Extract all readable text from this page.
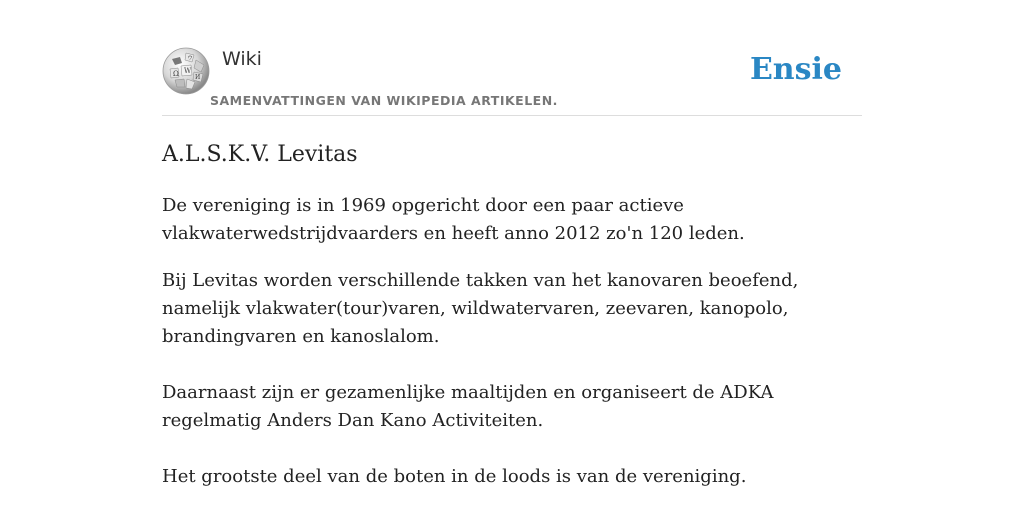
Ω W
И
ウ Wiki
SAMENVATTINGEN VAN WIKIPEDIA ARTIKELEN.
Ensie
A.L.S.K.V. Levitas

De vereniging is in 1969 opgericht door een paar actieve vlakwaterwedstrijdvaarders en heeft anno 2012 zo'n 120 leden.

Bij Levitas worden verschillende takken van het kanovaren beoefend, namelijk vlakwater(tour)varen, wildwatervaren, zeevaren, kanopolo, brandingvaren en kanoslalom.

Daarnaast zijn er gezamenlijke maaltijden en organiseert de ADKA regelmatig Anders Dan Kano Activiteiten.

Het grootste deel van de boten in de loods is van de vereniging.
